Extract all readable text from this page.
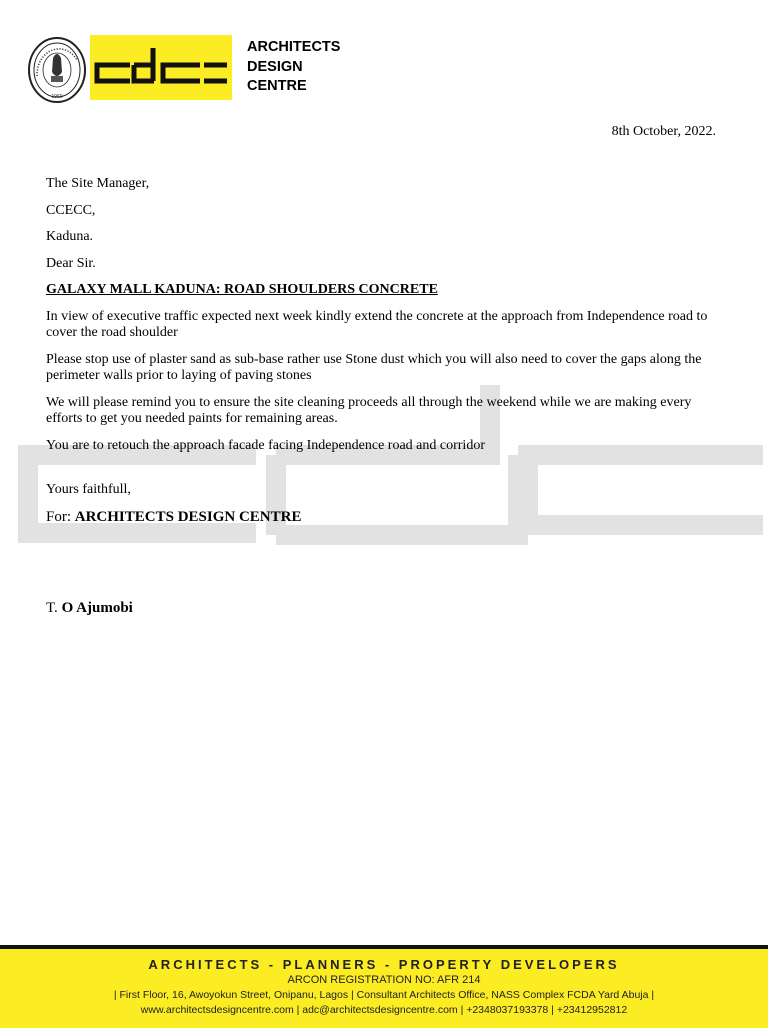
1960
ARCHITECTS
DESIGN
CENTRE
8th October, 2022.

The Site Manager,

CCECC,

Kaduna.

Dear Sir.

GALAXY MALL KADUNA: ROAD SHOULDERS CONCRETE

In view of executive traffic expected next week kindly extend the concrete at the approach from Independence road to cover the road shoulder

Please stop use of plaster sand as sub-base rather use Stone dust which you will also need to cover the gaps along the perimeter walls prior to laying of paving stones

We will please remind you to ensure the site cleaning proceeds all through the weekend while we are making every efforts to get you needed paints for remaining areas.

You are to retouch the approach facade facing Independence road and corridor

Yours faithfull,

For: ARCHITECTS DESIGN CENTRE

T. O Ajumobi
ARCHITECTS - PLANNERS - PROPERTY DEVELOPERS
ARCON REGISTRATION NO: AFR 214
| First Floor, 16, Awoyokun Street, Onipanu, Lagos | Consultant Architects Office, NASS Complex FCDA Yard Abuja |
www.architectsdesigncentre.com | adc@architectsdesigncentre.com | +2348037193378 | +23412952812
